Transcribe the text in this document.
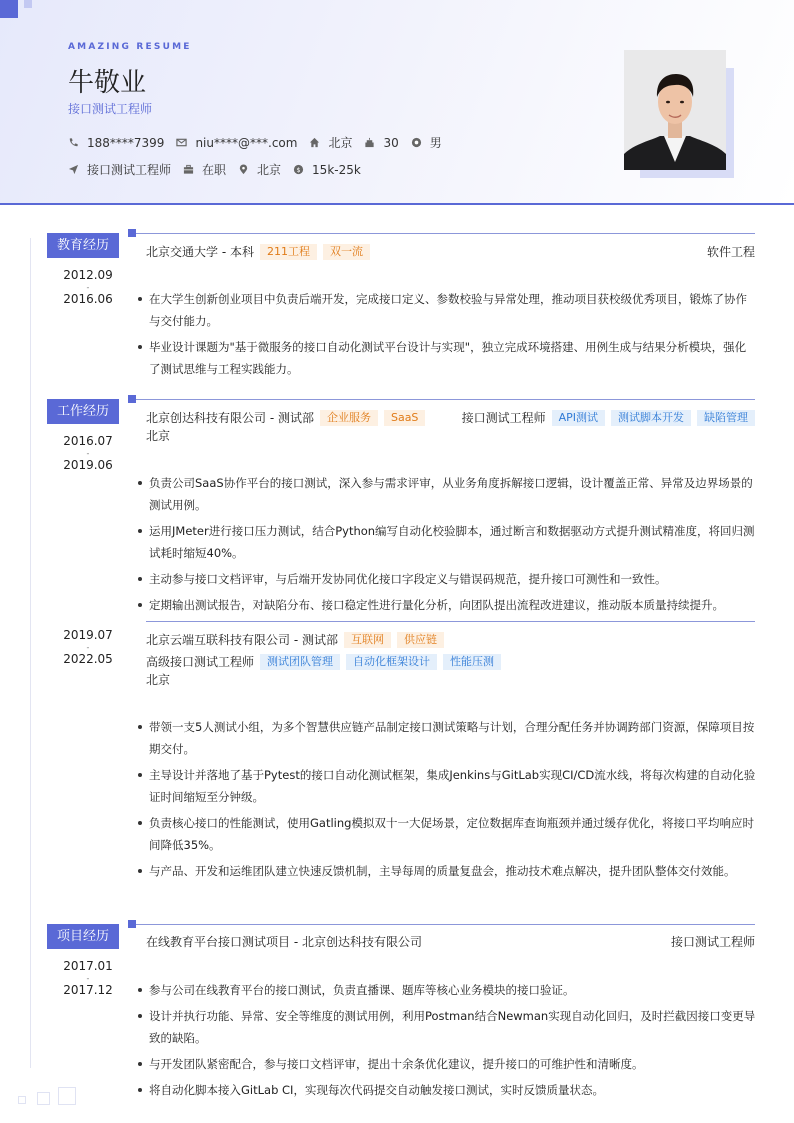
AMAZING RESUME
牛敬业
接口测试工程师
188****7399	niu****@***.com	北京	30	男
接口测试工程师	在职	北京 $ 15k-25k
教育经历
2012.09
-
2016.06
北京交通大学 - 本科	211工程	双一流	软件工程
在大学生创新创业项目中负责后端开发，完成接口定义、参数校验与异常处理，推动项目获校级优秀项目，锻炼了协作与交付能力。
毕业设计课题为"基于微服务的接口自动化测试平台设计与实现"，独立完成环境搭建、用例生成与结果分析模块，强化了测试思维与工程实践能力。
工作经历
2016.07
-
2019.06
北京创达科技有限公司 - 测试部	企业服务	SaaS	接口测试工程师	API测试	测试脚本开发	缺陷管理
北京
负责公司SaaS协作平台的接口测试，深入参与需求评审，从业务角度拆解接口逻辑，设计覆盖正常、异常及边界场景的测试用例。
运用JMeter进行接口压力测试，结合Python编写自动化校验脚本，通过断言和数据驱动方式提升测试精准度，将回归测试耗时缩短40%。
主动参与接口文档评审，与后端开发协同优化接口字段定义与错误码规范，提升接口可测性和一致性。
定期输出测试报告，对缺陷分布、接口稳定性进行量化分析，向团队提出流程改进建议，推动版本质量持续提升。
2019.07
-
2022.05
北京云端互联科技有限公司 - 测试部	互联网	供应链
高级接口测试工程师	测试团队管理	自动化框架设计	性能压测
北京
带领一支5人测试小组，为多个智慧供应链产品制定接口测试策略与计划，合理分配任务并协调跨部门资源，保障项目按期交付。
主导设计并落地了基于Pytest的接口自动化测试框架，集成Jenkins与GitLab实现CI/CD流水线，将每次构建的自动化验证时间缩短至分钟级。
负责核心接口的性能测试，使用Gatling模拟双十一大促场景，定位数据库查询瓶颈并通过缓存优化，将接口平均响应时间降低35%。
与产品、开发和运维团队建立快速反馈机制，主导每周的质量复盘会，推动技术难点解决，提升团队整体交付效能。
项目经历
2017.01
-
2017.12
在线教育平台接口测试项目 - 北京创达科技有限公司	接口测试工程师
参与公司在线教育平台的接口测试，负责直播课、题库等核心业务模块的接口验证。
设计并执行功能、异常、安全等维度的测试用例，利用Postman结合Newman实现自动化回归，及时拦截因接口变更导致的缺陷。
与开发团队紧密配合，参与接口文档评审，提出十余条优化建议，提升接口的可维护性和清晰度。
将自动化脚本接入GitLab CI，实现每次代码提交自动触发接口测试，实时反馈质量状态。
